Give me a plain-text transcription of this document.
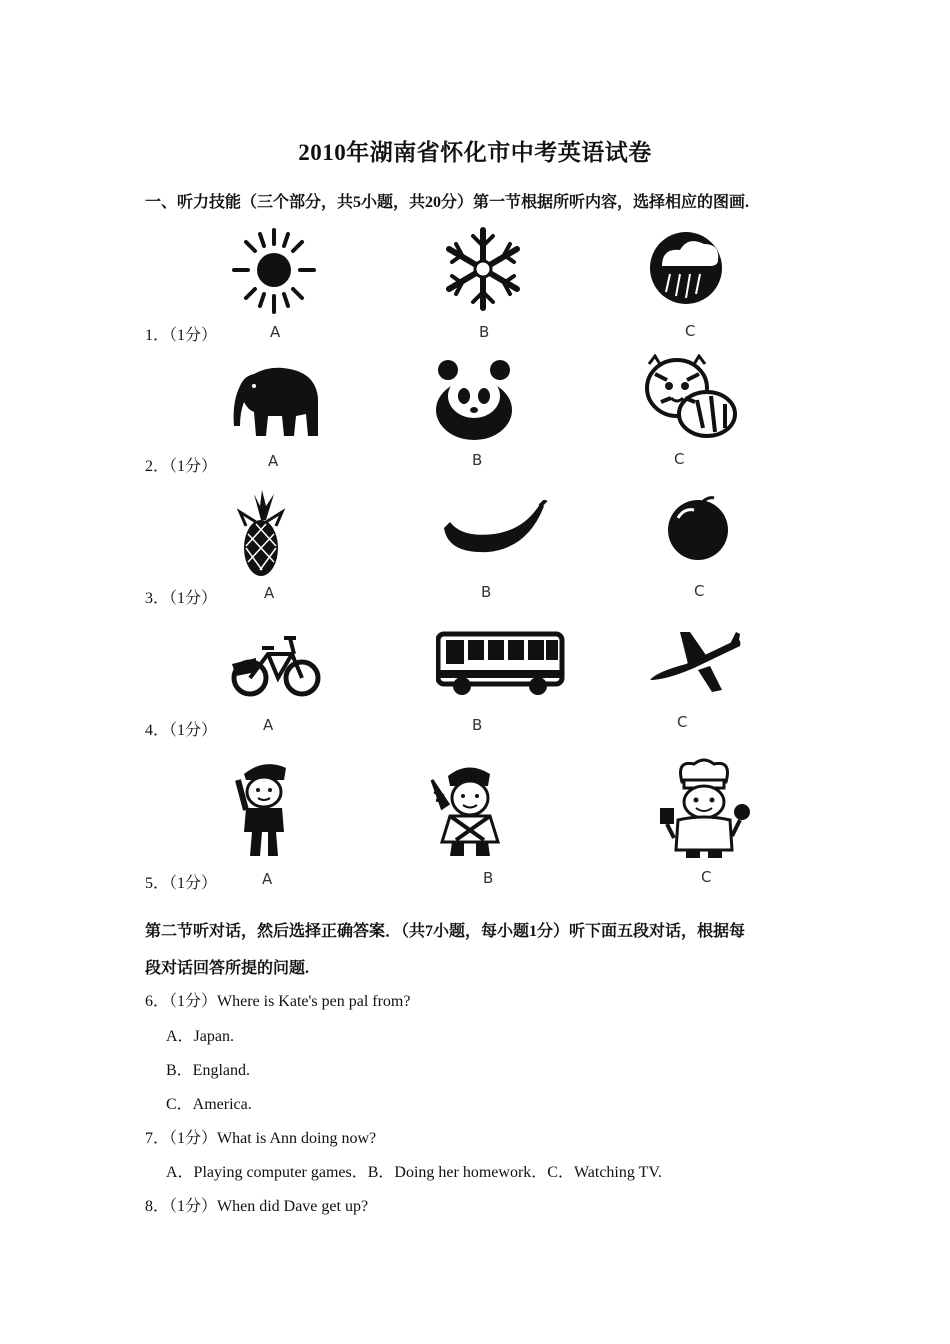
2010年湖南省怀化市中考英语试卷
一、听力技能（三个部分，共5小题，共20分）第一节根据所听内容，选择相应的图画.
1．（1分）	A	B	C
2．（1分）	A	B	C
3．（1分）	A	B	C
4．（1分）	A	B	C
5．（1分）	A	B	C
第二节听对话，然后选择正确答案．（共7小题，每小题1分）听下面五段对话，根据每
段对话回答所提的问题.
6．（1分）Where is Kate's pen pal from?
A．Japan.
B．England.
C．America.
7．（1分）What is Ann doing now?
A．Playing computer games．B．Doing her homework．C．Watching TV.
8．（1分）When did Dave get up?
